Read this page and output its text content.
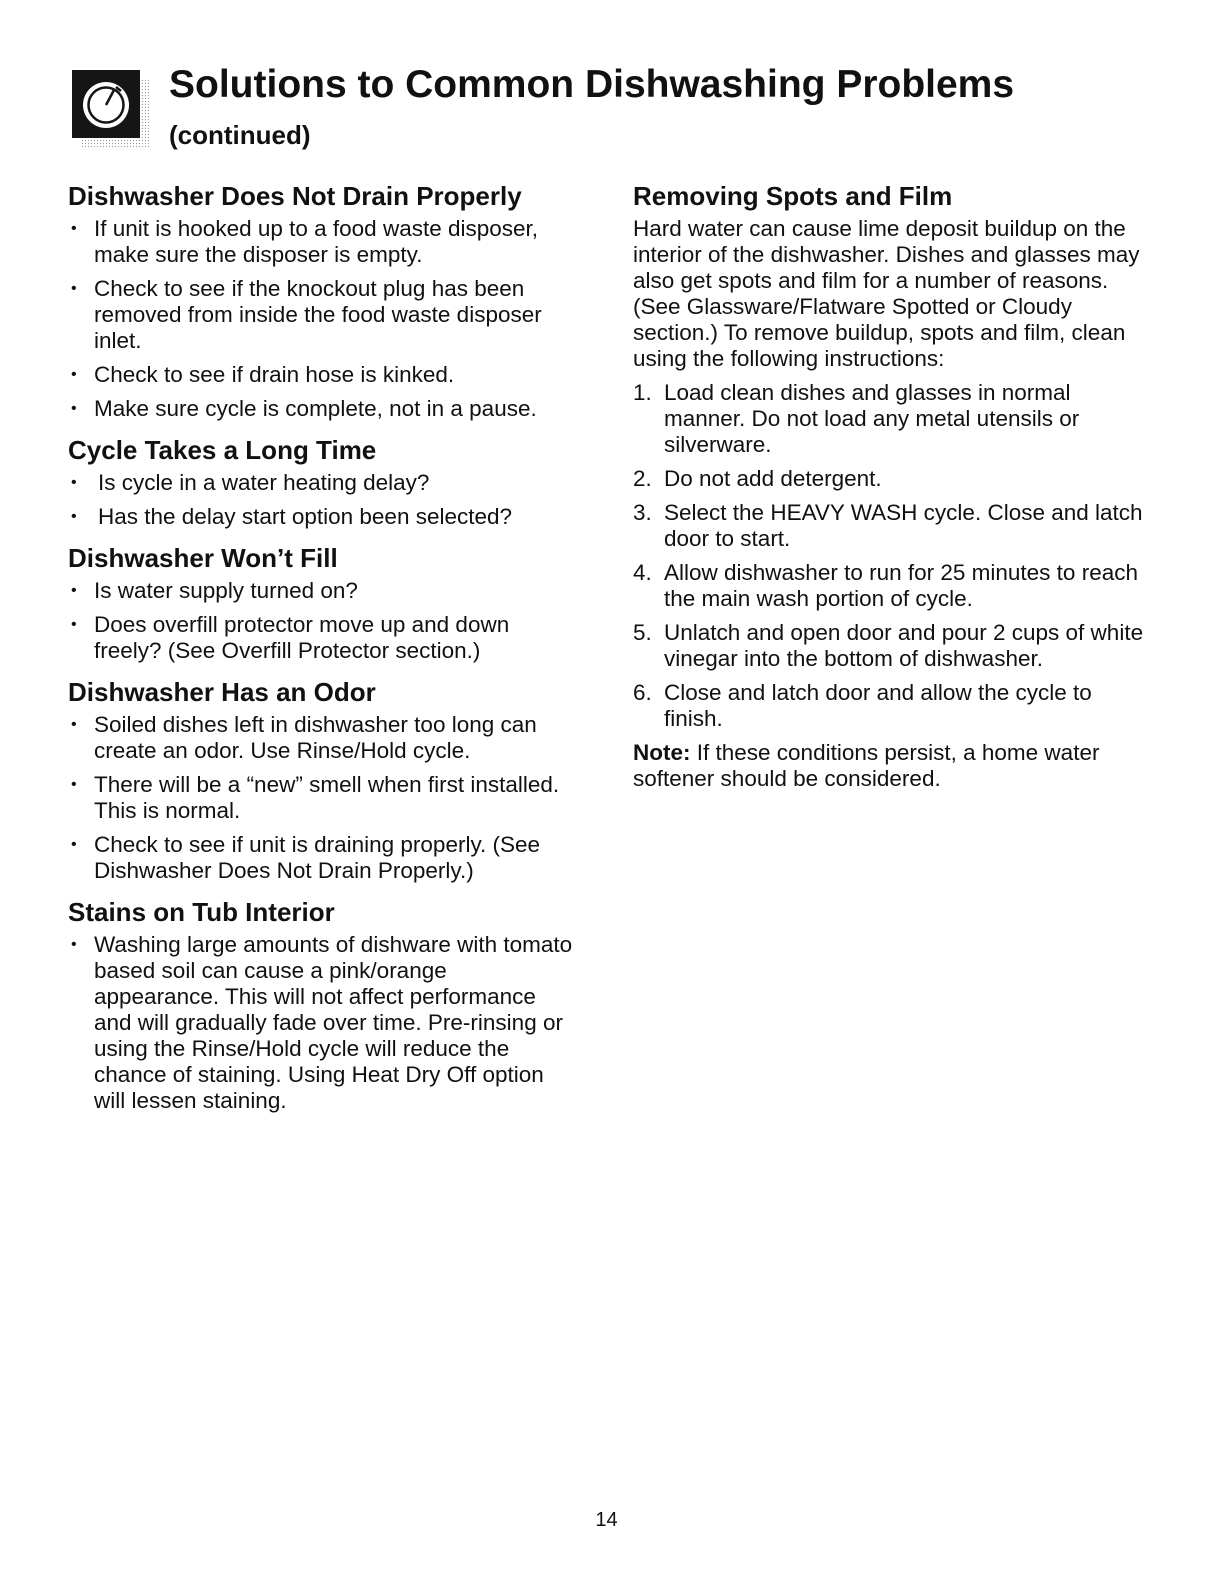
Solutions to Common Dishwashing Problems
(continued)
Dishwasher Does Not Drain Properly
• If unit is hooked up to a food waste disposer, make sure the disposer is empty.
• Check to see if the knockout plug has been removed from inside the food waste disposer inlet.
• Check to see if drain hose is kinked.
• Make sure cycle is complete, not in a pause.
Cycle Takes a Long Time
• Is cycle in a water heating delay?
• Has the delay start option been selected?
Dishwasher Won’t Fill
• Is water supply turned on?
• Does overfill protector move up and down freely? (See Overfill Protector section.)
Dishwasher Has an Odor
• Soiled dishes left in dishwasher too long can create an odor. Use Rinse/Hold cycle.
• There will be a “new” smell when first installed. This is normal.
• Check to see if unit is draining properly. (See Dishwasher Does Not Drain Properly.)
Stains on Tub Interior
• Washing large amounts of dishware with tomato based soil can cause a pink/orange appearance. This will not affect performance and will gradually fade over time. Pre-rinsing or using the Rinse/Hold cycle will reduce the chance of staining. Using Heat Dry Off option will lessen staining.
Removing Spots and Film

Hard water can cause lime deposit buildup on the interior of the dishwasher. Dishes and glasses may also get spots and film for a number of reasons. (See Glassware/Flatware Spotted or Cloudy section.) To remove buildup, spots and film, clean using the following instructions:

1. Load clean dishes and glasses in normal manner. Do not load any metal utensils or silverware.
2. Do not add detergent.
3. Select the HEAVY WASH cycle. Close and latch door to start.
4. Allow dishwasher to run for 25 minutes to reach the main wash portion of cycle.
5. Unlatch and open door and pour 2 cups of white vinegar into the bottom of dishwasher.
6. Close and latch door and allow the cycle to finish.

Note: If these conditions persist, a home water softener should be considered.

14
